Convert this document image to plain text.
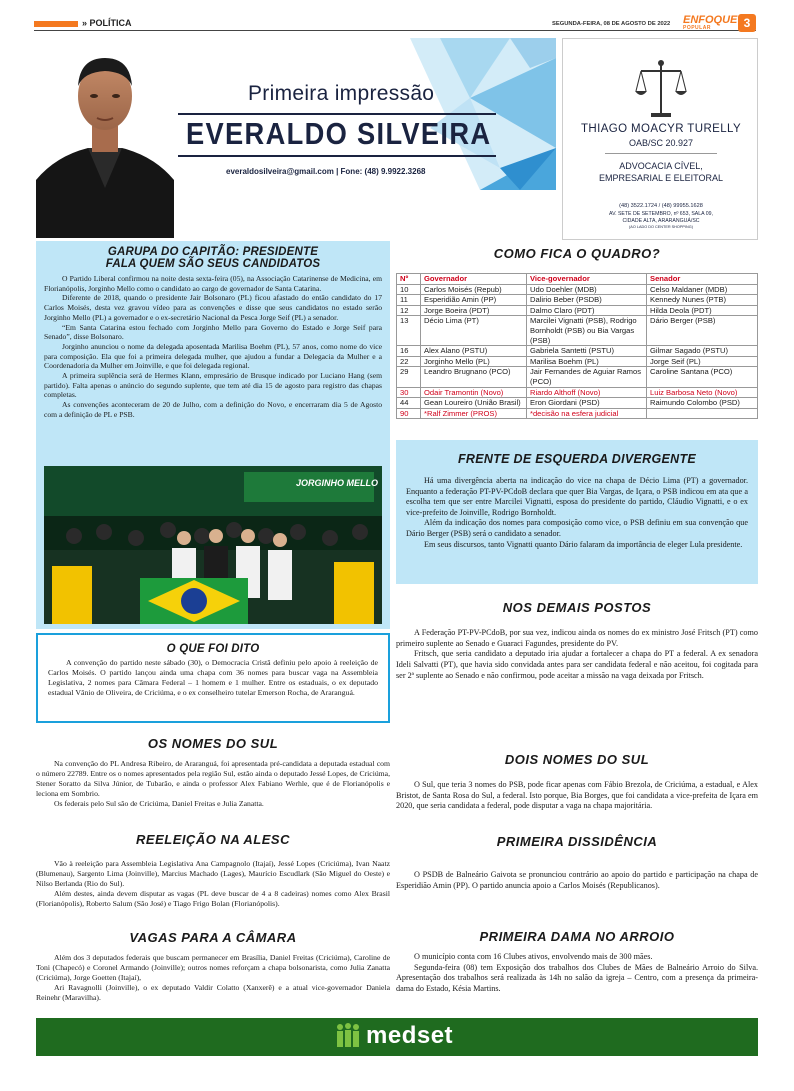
» POLÍTICA	SEGUNDA-FEIRA, 08 DE AGOSTO DE 2022 ENFOQUE
POPULAR	3
Primeira impressão
EVERALDO SILVEIRA
everaldosilveira@gmail.com | Fone: (48) 9.9922.3268
THIAGO MOACYR TURELLY
OAB/SC 20.927
ADVOCACIA CÍVEL,
EMPRESARIAL E ELEITORAL
(48) 3522.1724 / (48) 99955.1628
AV. SETE DE SETEMBRO, nº 653, SALA 09,
CIDADE ALTA, ARARANGUÁ/SC
(AO LADO DO CENTER SHOPPING)
GARUPA DO CAPITÃO: PRESIDENTE
FALA QUEM SÃO SEUS CANDIDATOS

O Partido Liberal confirmou na noite desta sexta-feira (05), na Associação Catarinense de Medicina, em Florianópolis, Jorginho Mello como o candidato ao cargo de governador de Santa Catarina.

Diferente de 2018, quando o presidente Jair Bolsonaro (PL) ficou afastado do então candidato do 17 Carlos Moisés, desta vez gravou vídeo para as convenções e disse que seus candidatos no estado serão Jorginho Mello (PL) a governador e o ex-secretário Nacional da Pesca Jorge Seif (PL) a senador.

“Em Santa Catarina estou fechado com Jorginho Mello para Governo do Estado e Jorge Seif para Senado”, disse Bolsonaro.

Jorginho anunciou o nome da delegada aposentada Marilisa Boehm (PL), 57 anos, como nome do vice para composição. Ela que foi a primeira delegada mulher, que ajudou a fundar a Delegacia da Mulher e a Coordenadoria da Mulher em Joinville, e que foi delegada regional.

A primeira suplência será de Hermes Klann, empresário de Brusque indicado por Luciano Hang (sem partido). Falta apenas o anúncio do segundo suplente, que tem até dia 15 de agosto para registro das chapas completas.

As convenções aconteceram de 20 de Julho, com a definição do Novo, e encerraram dia 5 de Agosto com a definição de PL e PSB.

JORGINHO MELLO
O QUE FOI DITO

A convenção do partido neste sábado (30), o Democracia Cristã definiu pelo apoio à reeleição de Carlos Moisés. O partido lançou ainda uma chapa com 36 nomes para buscar vaga na Assembleia Legislativa, 2 nomes para Câmara Federal – 1 homem e 1 mulher. Entre os estaduais, o ex deputado estadual Vânio de Oliveira, de Criciúma, e o ex conselheiro tutelar Emerson Rocha, de Araranguá.

OS NOMES DO SUL

Na convenção do PL Andresa Ribeiro, de Araranguá, foi apresentada pré-candidata a deputada estadual com o número 22789. Entre os o nomes apresentados pela região Sul, estão ainda o deputado Jessé Lopes, de Criciúma, Stener Soratto da Silva Júnior, de Tubarão, e ainda o professor Alex Fabiano Werhle, que é de Florianópolis e leciona em Sombrio.

Os federais pelo Sul são de Criciúma, Daniel Freitas e Julia Zanatta.

REELEIÇÃO NA ALESC

Vão à reeleição para Assembleia Legislativa Ana Campagnolo (Itajaí), Jessé Lopes (Criciúma), Ivan Naatz (Blumenau), Sargento Lima (Joinville), Marcius Machado (Lages), Maurício Escudlark (São Miguel do Oeste) e Nilso Berlanda (Rio do Sul).

Além destes, ainda devem disputar as vagas (PL deve buscar de 4 a 8 cadeiras) nomes como Alex Brasil (Florianópolis), Roberto Salum (São José) e Tiago Frigo Bolan (Florianópolis).

VAGAS PARA A CÂMARA

Além dos 3 deputados federais que buscam permanecer em Brasília, Daniel Freitas (Criciúma), Caroline de Toni (Chapecó) e Coronel Armando (Joinville); outros nomes reforçam a chapa bolsonarista, como Julia Zanatta (Criciúma), Jorge Goetten (Itajaí),

Ari Ravagnolli (Joinville), o ex deputado Valdir Colatto (Xanxerê) e a atual vice-governador Daniela Reinehr (Maravilha).

COMO FICA O QUADRO?
Nº	Governador	Vice-governador	Senador
10	Carlos Moisés (Repub)	Udo Doehler (MDB)	Celso Maldaner (MDB)
11	Esperidião Amin (PP)	Dalirio Beber (PSDB)	Kennedy Nunes (PTB)
12	Jorge Boeira (PDT)	Dalmo Claro (PDT)	Hilda Deola (PDT)
13	Décio Lima (PT)	Marcilei Vignatti (PSB), Rodrigo Bornholdt (PSB) ou Bia Vargas (PSB)	Dário Berger (PSB)
16	Alex Alano (PSTU)	Gabriela Santetti (PSTU)	Gilmar Sagado (PSTU)
22	Jorginho Mello (PL)	Marilisa Boehm (PL)	Jorge Seif (PL)
29	Leandro Brugnano (PCO)	Jair Fernandes de Aguiar Ramos (PCO)	Caroline Santana (PCO)
30	Odair Tramontin (Novo)	Riardo Althoff (Novo)	Luiz Barbosa Neto (Novo)
44	Gean Loureiro (União Brasil)	Eron Giordani (PSD)	Raimundo Colombo (PSD)
90	*Ralf Zimmer (PROS)	*decisão na esfera judicial	
FRENTE DE ESQUERDA DIVERGENTE

Há uma divergência aberta na indicação do vice na chapa de Décio Lima (PT) a governador. Enquanto a federação PT-PV-PCdoB declara que quer Bia Vargas, de Içara, o PSB indicou em ata que a escolha tem que ser entre Marcilei Vignatti, esposa do presidente do partido, Cláudio Vignatti, e o ex vice-prefeito de Joinville, Rodrigo Bornholdt.

Além da indicação dos nomes para composição como vice, o PSB definiu em sua convenção que Dário Berger (PSB) será o candidato a senador.

Em seus discursos, tanto Vignatti quanto Dário falaram da importância de eleger Lula presidente.

NOS DEMAIS POSTOS

A Federação PT-PV-PCdoB, por sua vez, indicou ainda os nomes do ex ministro José Fritsch (PT) como primeiro suplente ao Senado e Guaraci Fagundes, presidente do PV.

Fritsch, que seria candidato a deputado iria ajudar a fortalecer a chapa do PT a federal. A ex senadora Ideli Salvatti (PT), que havia sido convidada antes para ser candidata federal e não aceitou, foi cogitada para ser 2ª suplente ao Senado e não confirmou, pode aceitar a missão na vaga deixada por Fritsch.

DOIS NOMES DO SUL

O Sul, que teria 3 nomes do PSB, pode ficar apenas com Fábio Brezola, de Criciúma, a estadual, e Alex Bristot, de Santa Rosa do Sul, a federal. Isto porque, Bia Borges, que foi candidata a vice-prefeita de Içara em 2020, que seria candidata a federal, pode disputar a vaga na chapa majoritária.

PRIMEIRA DISSIDÊNCIA

O PSDB de Balneário Gaivota se pronunciou contrário ao apoio do partido e participação na chapa de Esperidião Amin (PP). O partido anuncia apoio a Carlos Moisés (Republicanos).

PRIMEIRA DAMA NO ARROIO

O município conta com 16 Clubes ativos, envolvendo mais de 300 mães.

Segunda-feira (08) tem Exposição dos trabalhos dos Clubes de Mães de Balneário Arroio do Silva. Apresentação dos trabalhos será realizada às 14h no salão da igreja – Centro, com a presença da primeira-dama do Estado, Késia Martins.

medset
